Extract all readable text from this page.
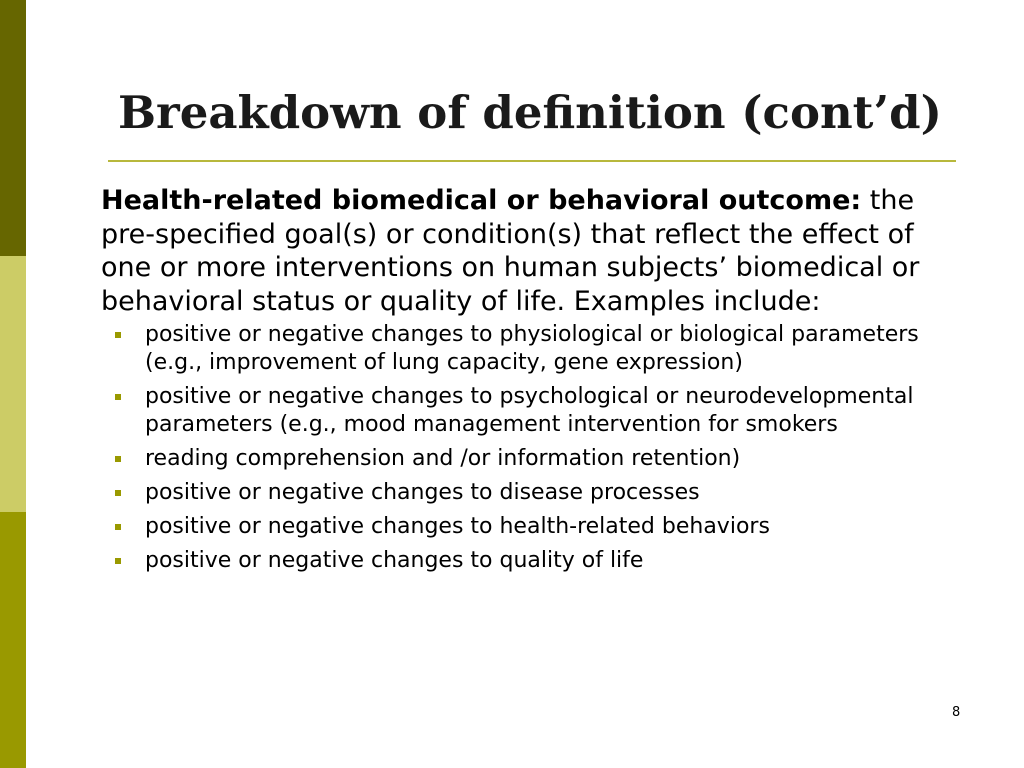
Breakdown of definition (cont’d)

Health-related biomedical or behavioral outcome: the pre-specified goal(s) or condition(s) that reflect the effect of one or more interventions on human subjects’ biomedical or behavioral status or quality of life. Examples include:

positive or negative changes to physiological or biological parameters (e.g., improvement of lung capacity, gene expression)
positive or negative changes to psychological or neurodevelopmental parameters (e.g., mood management intervention for smokers
reading comprehension and /or information retention)
positive or negative changes to disease processes
positive or negative changes to health-related behaviors
positive or negative changes to quality of life
8
